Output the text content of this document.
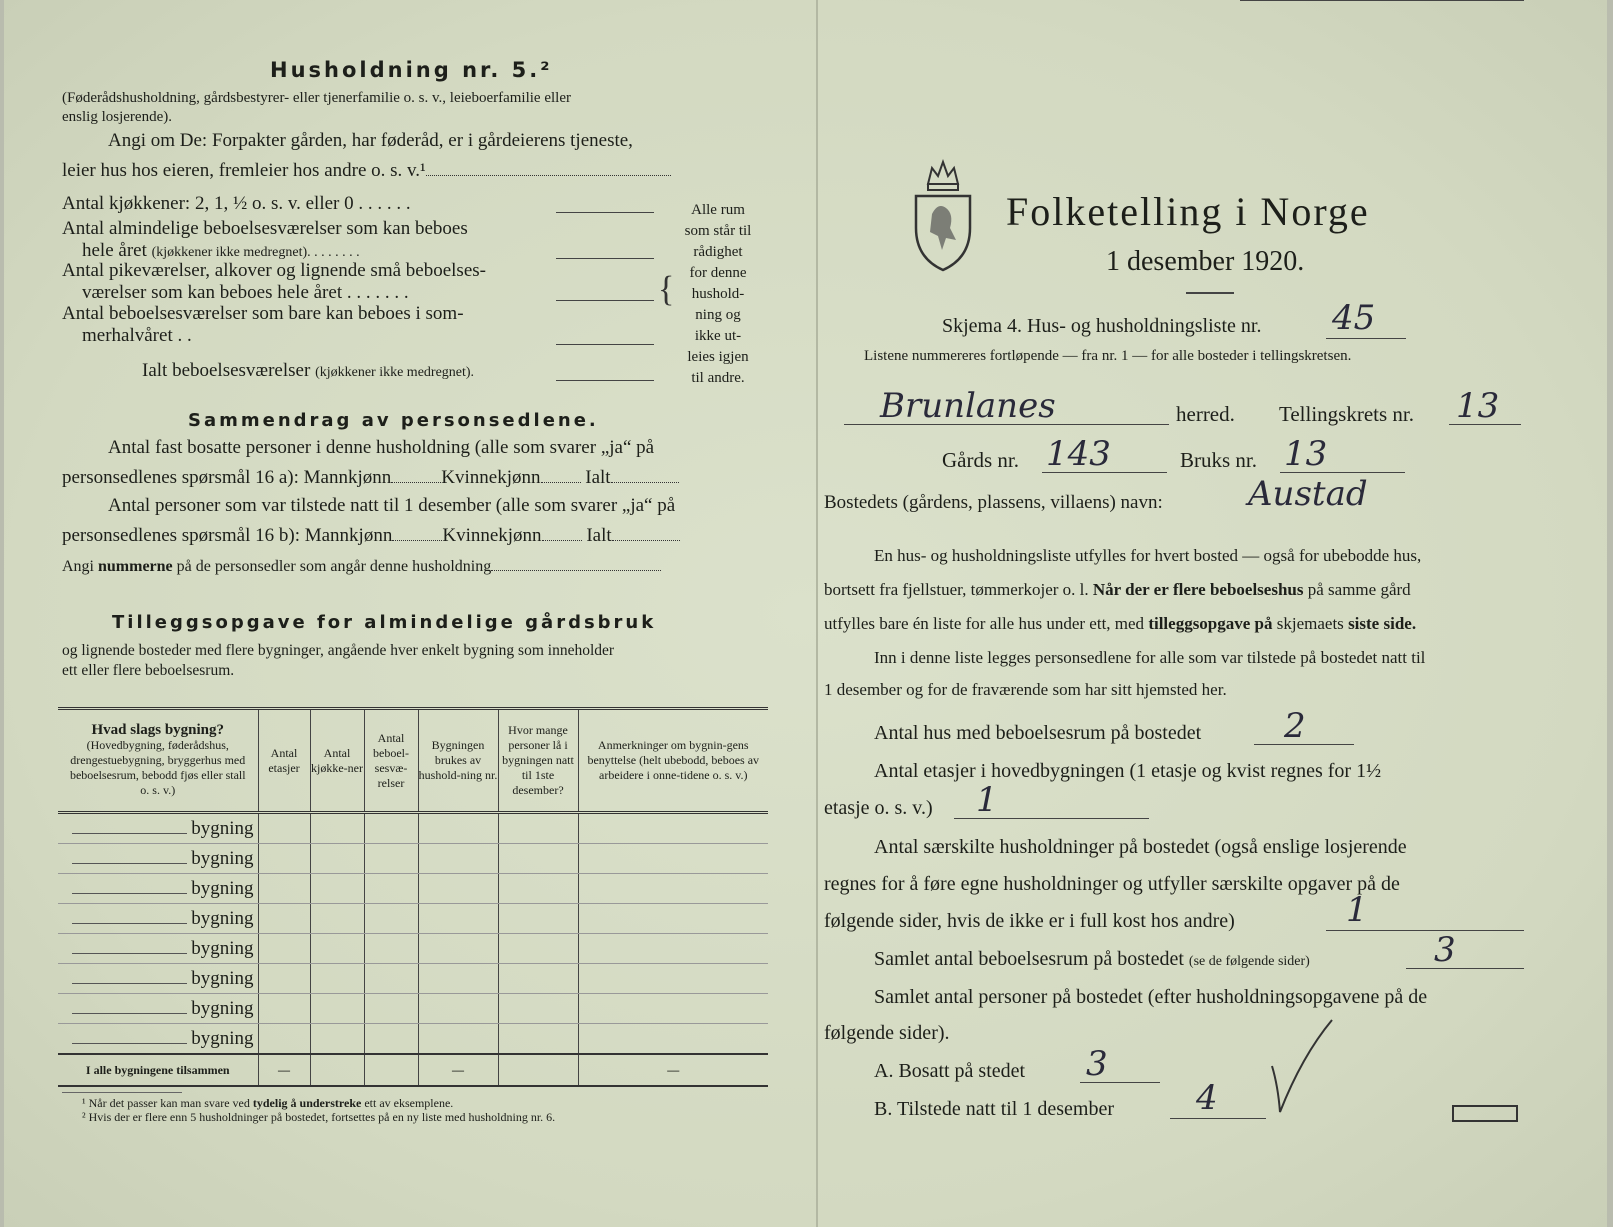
Husholdning nr. 5.²
(Føderådshusholdning, gårdsbestyrer- eller tjenerfamilie o. s. v., leieboerfamilie eller
enslig losjerende).
Angi om De: Forpakter gården, har føderåd, er i gårdeierens tjeneste,
leier hus hos eieren, fremleier hos andre o. s. v.¹
Antal kjøkkener: 2, 1, ½ o. s. v. eller 0 . . . . . .
Antal almindelige beboelsesværelser som kan beboes
hele året (kjøkkener ikke medregnet). . . . . . . .
Antal pikeværelser, alkover og lignende små beboelses-
værelser som kan beboes hele året . . . . . . .
Antal beboelsesværelser som bare kan beboes i som-
merhalvåret . .
Ialt beboelsesværelser (kjøkkener ikke medregnet).
{
Alle rum
som står til
rådighet
for denne
hushold-
ning og
ikke ut-
leies igjen
til andre.
Sammendrag av personsedlene.
Antal fast bosatte personer i denne husholdning (alle som svarer „ja“ på
personsedlenes spørsmål 16 a): Mannkjønn	Kvinnekjønn Ialt
Antal personer som var tilstede natt til 1 desember (alle som svarer „ja“ på
personsedlenes spørsmål 16 b): Mannkjønn	Kvinnekjønn Ialt
Angi nummerne på de personsedler som angår denne husholdning
Tilleggsopgave for almindelige gårdsbruk
og lignende bosteder med flere bygninger, angående hver enkelt bygning som inneholder
ett eller flere beboelsesrum.
Hvad slags bygning?
(Hovedbygning, føderådshus, drengestuebygning, bryggerhus med beboelsesrum, bebodd fjøs eller stall o. s. v.)	Antal etasjer	Antal kjøkke-ner	Antal beboel-sesvæ-relser	Bygningen brukes av hushold-ning nr.	Hvor mange personer lå i bygningen natt til 1ste desember?	Anmerkninger om bygnin-gens benyttelse (helt ubebodd, beboes av arbeidere i onne-tidene o. s. v.)
bygning						
bygning						
bygning						
bygning						
bygning						
bygning						
bygning						
bygning						
I alle bygningene tilsammen	—			—		—
¹ Når det passer kan man svare ved tydelig å understreke ett av eksemplene.
² Hvis der er flere enn 5 husholdninger på bostedet, fortsettes på en ny liste med husholdning nr. 6.
Folketelling i Norge
1 desember 1920.
Skjema 4. Hus- og husholdningsliste nr. 45
Listene nummereres fortløpende — fra nr. 1 — for alle bosteder i tellingskretsen.
Brunlanes	herred. Tellingskrets nr. 13
Gårds nr. 143	Bruks nr. 13
Bostedets (gårdens, plassens, villaens) navn:	Austad
En hus- og husholdningsliste utfylles for hvert bosted — også for ubebodde hus,
bortsett fra fjellstuer, tømmerkojer o. l. Når der er flere beboelseshus på samme gård
utfylles bare én liste for alle hus under ett, med tilleggsopgave på skjemaets siste side.
Inn i denne liste legges personsedlene for alle som var tilstede på bostedet natt til
1 desember og for de fraværende som har sitt hjemsted her.
Antal hus med beboelsesrum på bostedet 2
Antal etasjer i hovedbygningen (1 etasje og kvist regnes for 1½
etasje o. s. v.) 1
Antal særskilte husholdninger på bostedet (også enslige losjerende
regnes for å føre egne husholdninger og utfyller særskilte opgaver på de
følgende sider, hvis de ikke er i full kost hos andre)	1
Samlet antal beboelsesrum på bostedet (se de følgende sider)	3
Samlet antal personer på bostedet (efter husholdningsopgavene på de
følgende sider).
A. Bosatt på stedet 3
B. Tilstede natt til 1 desember 4
